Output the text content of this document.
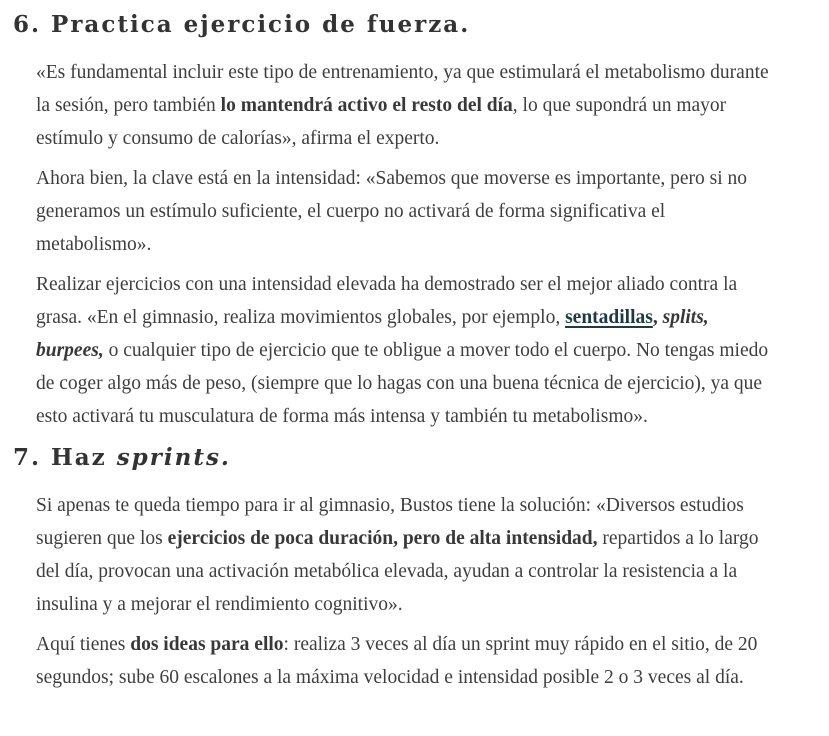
6. Practica ejercicio de fuerza.

«Es fundamental incluir este tipo de entrenamiento, ya que estimulará el metabolismo durante la sesión, pero también lo mantendrá activo el resto del día, lo que supondrá un mayor estímulo y consumo de calorías», afirma el experto.

Ahora bien, la clave está en la intensidad: «Sabemos que moverse es importante, pero si no generamos un estímulo suficiente, el cuerpo no activará de forma significativa el metabolismo».

Realizar ejercicios con una intensidad elevada ha demostrado ser el mejor aliado contra la grasa. «En el gimnasio, realiza movimientos globales, por ejemplo, sentadillas, splits, burpees, o cualquier tipo de ejercicio que te obligue a mover todo el cuerpo. No tengas miedo de coger algo más de peso, (siempre que lo hagas con una buena técnica de ejercicio), ya que esto activará tu musculatura de forma más intensa y también tu metabolismo».

7. Haz sprints.

Si apenas te queda tiempo para ir al gimnasio, Bustos tiene la solución: «Diversos estudios sugieren que los ejercicios de poca duración, pero de alta intensidad, repartidos a lo largo del día, provocan una activación metabólica elevada, ayudan a controlar la resistencia a la insulina y a mejorar el rendimiento cognitivo».

Aquí tienes dos ideas para ello: realiza 3 veces al día un sprint muy rápido en el sitio, de 20 segundos; sube 60 escalones a la máxima velocidad e intensidad posible 2 o 3 veces al día.
